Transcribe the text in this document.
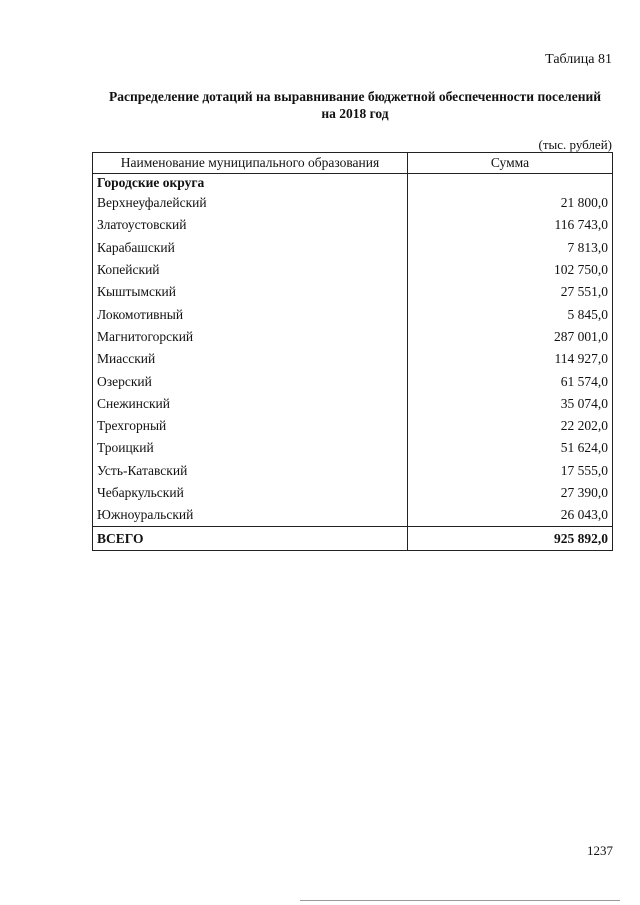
Таблица 81
Распределение дотаций на выравнивание бюджетной обеспеченности поселений
на 2018 год
(тыс. рублей)
Наименование муниципального образования	Сумма
Городские округа	
Верхнеуфалейский	21 800,0
Златоустовский	116 743,0
Карабашский	7 813,0
Копейский	102 750,0
Кыштымский	27 551,0
Локомотивный	5 845,0
Магнитогорский	287 001,0
Миасский	114 927,0
Озерский	61 574,0
Снежинский	35 074,0
Трехгорный	22 202,0
Троицкий	51 624,0
Усть-Катавский	17 555,0
Чебаркульский	27 390,0
Южноуральский	26 043,0
ВСЕГО	925 892,0
1237
